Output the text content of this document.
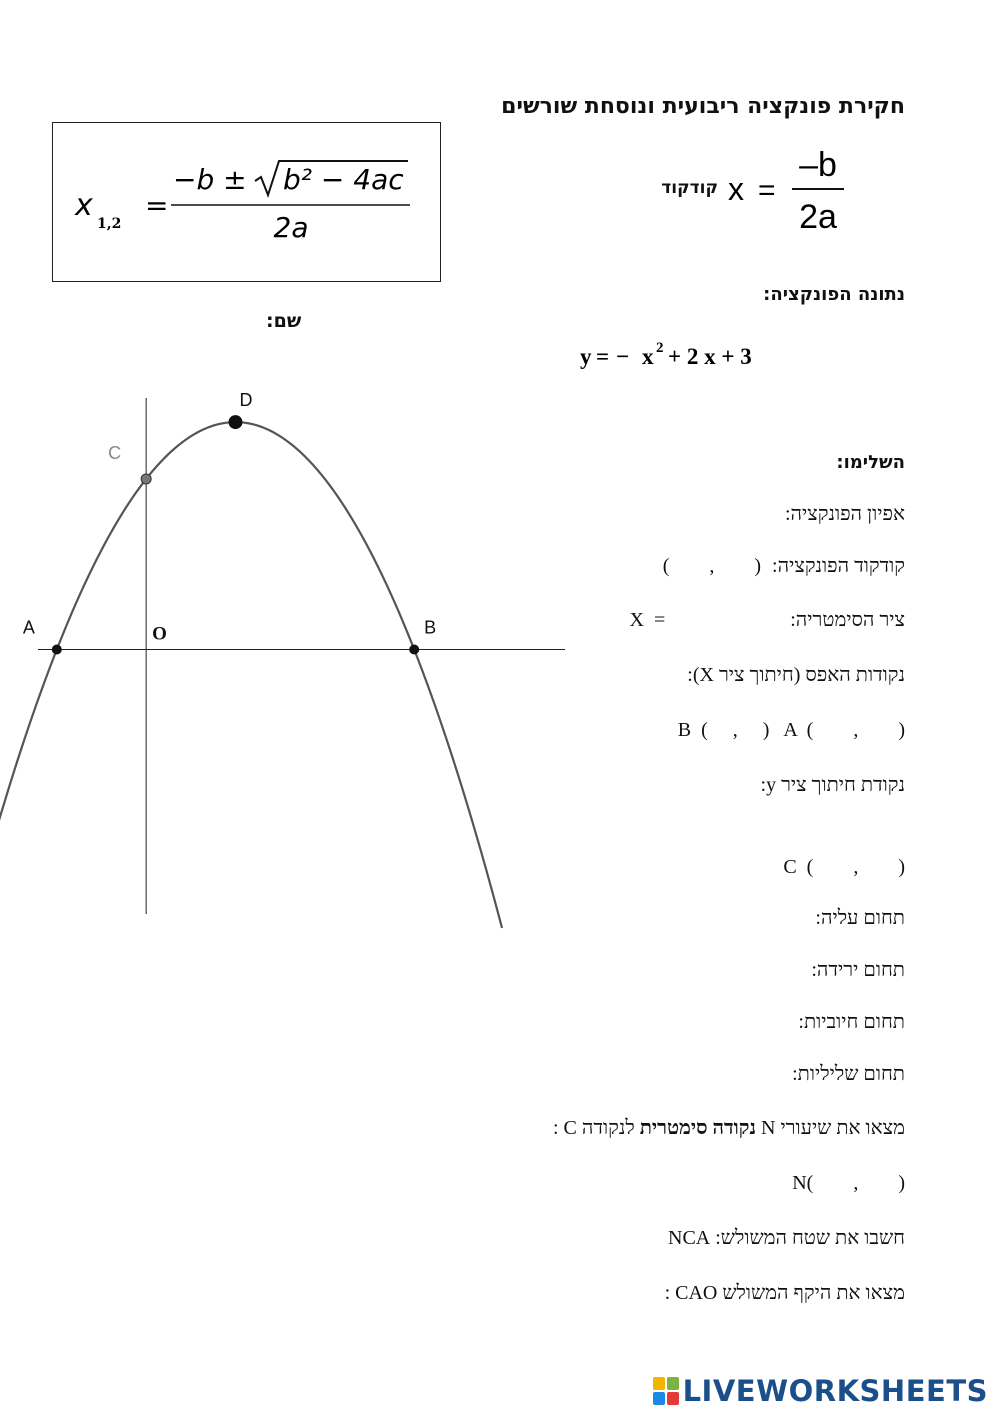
חקירת פונקציה ריבועית ונוסחת שורשים
x
1,2
=
−b ± b² − 4ac
2a
קודקוד x =
–b
2a
נתונה הפונקציה:
שם:
y = − x 2 + 2 x + 3
A	B
C
D
O
השלימו:
אפיון הפונקציה:
קודקוד הפונקציה: (        ,        )
ציר הסימטריה: X  =
נקודות האפס (חיתוך ציר X):
B  (     ,     )   A  (        ,        )
נקודת חיתוך ציר y:
C  (        ,        )
תחום עליה:
תחום ירידה:
תחום חיוביות:
תחום שליליות:
מצאו את שיעורי N נקודה סימטרית לנקודה C :
N(        ,        )
חשבו את שטח המשולש: NCA
מצאו את היקף המשולש CAO :
LIVEWORKSHEETS
